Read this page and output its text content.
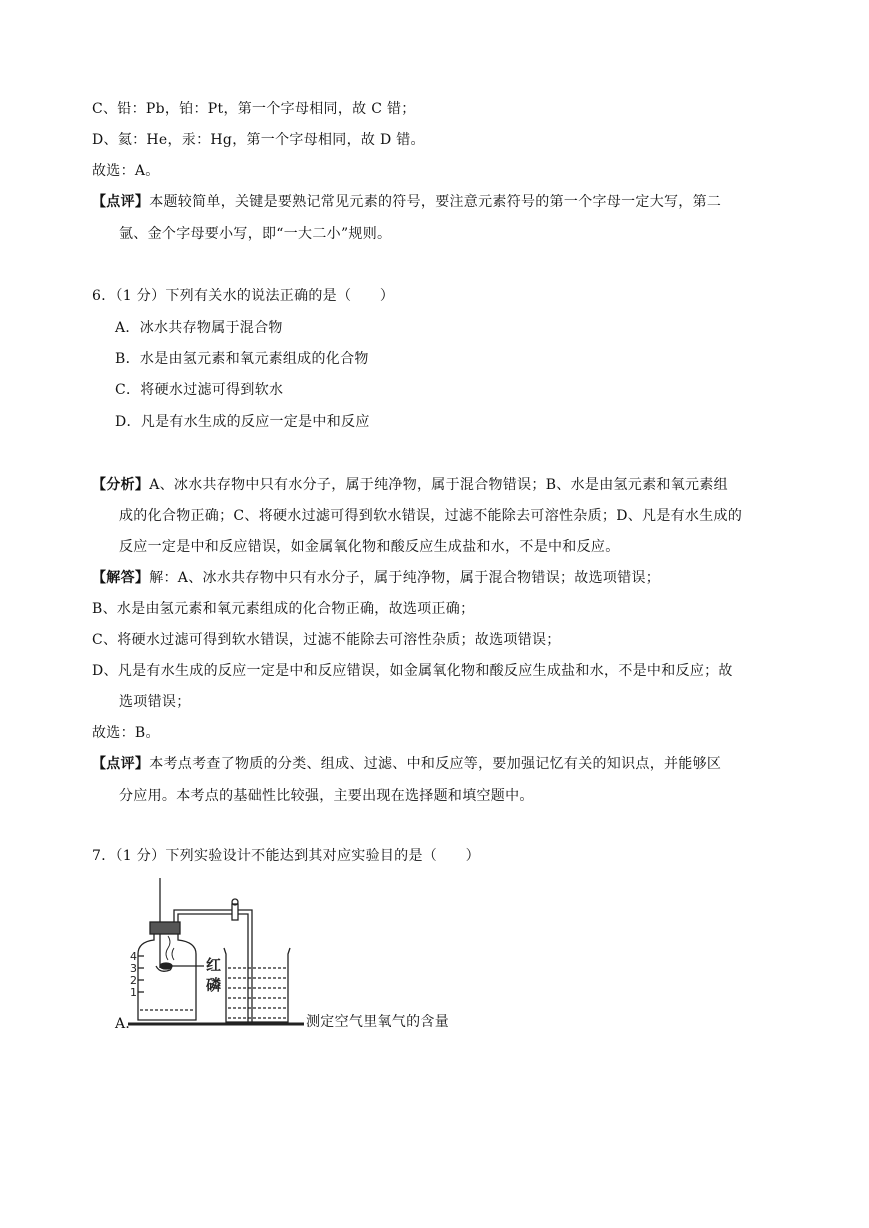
C、铅：Pb，铂：Pt，第一个字母相同，故 C 错；
D、氦：He，汞：Hg，第一个字母相同，故 D 错。
故选：A。
【点评】本题较简单，关键是要熟记常见元素的符号，要注意元素符号的第一个字母一定大写，第二
氩、金个字母要小写，即“一大二小”规则。
6．（1 分）下列有关水的说法正确的是（　　）
A．冰水共存物属于混合物
B．水是由氢元素和氧元素组成的化合物
C．将硬水过滤可得到软水
D．凡是有水生成的反应一定是中和反应
【分析】A、冰水共存物中只有水分子，属于纯净物，属于混合物错误；B、水是由氢元素和氧元素组
成的化合物正确；C、将硬水过滤可得到软水错误，过滤不能除去可溶性杂质；D、凡是有水生成的
反应一定是中和反应错误，如金属氧化物和酸反应生成盐和水，不是中和反应。
【解答】解：A、冰水共存物中只有水分子，属于纯净物，属于混合物错误；故选项错误；
B、水是由氢元素和氧元素组成的化合物正确，故选项正确；
C、将硬水过滤可得到软水错误，过滤不能除去可溶性杂质；故选项错误；
D、凡是有水生成的反应一定是中和反应错误，如金属氧化物和酸反应生成盐和水，不是中和反应；故
选项错误；
故选：B。
【点评】本考点考查了物质的分类、组成、过滤、中和反应等，要加强记忆有关的知识点，并能够区
分应用。本考点的基础性比较强，主要出现在选择题和填空题中。
7．（1 分）下列实验设计不能达到其对应实验目的是（　　）
A．
4
3
2
1
红
磷
测定空气里氧气的含量
